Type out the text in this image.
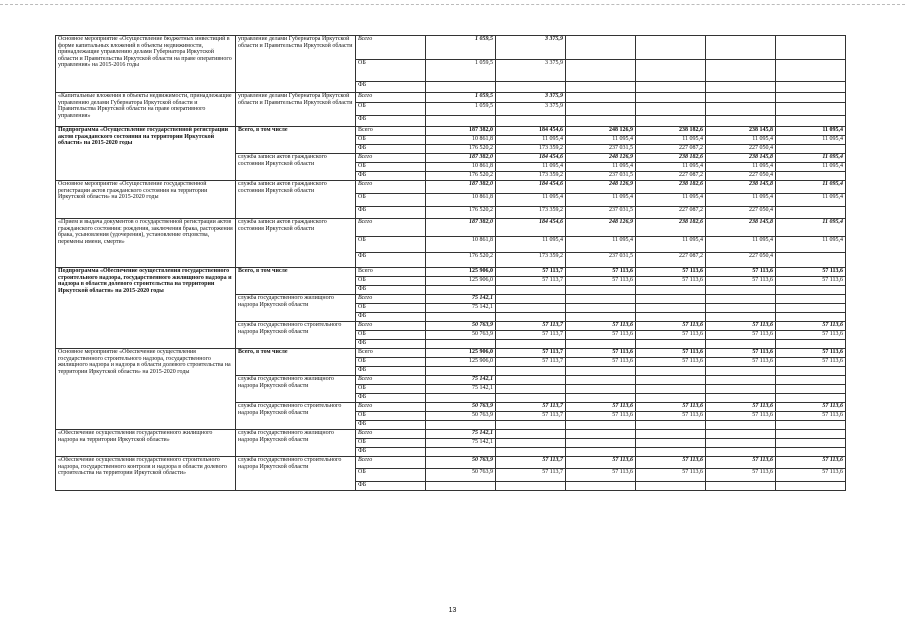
Основное мероприятие «Осуществление бюджетных инвестиций в форме капитальных вложений в объекты недвижимости, принадлежащие управлению делами Губернатора Иркутской области и Правительства Иркутской области на праве оперативного управления» на 2015-2016 годы	управление делами Губернатора Иркутской области и Правительства Иркутской области	Всего	1 059,5	3 375,9				
		ОБ	1 059,5	3 375,9				
		ФБ						
«Капитальные вложения в объекты недвижимости, принадлежащие управлению делами Губернатора Иркутской области и Правительства Иркутской области на праве оперативного управления»	управление делами Губернатора Иркутской области и Правительства Иркутской области	Всего	1 059,5	3 375,9				
		ОБ	1 059,5	3 375,9				
		ФБ						
Подпрограмма «Осуществление государственной регистрации актов гражданского состояния на территории Иркутской области» на 2015-2020 годы	Всего, в том числе	Всего	187 382,0	184 454,6	248 126,9	238 182,6	238 145,8	11 095,4
		ОБ	10 861,8	11 095,4	11 095,4	11 095,4	11 095,4	11 095,4
		ФБ	176 520,2	173 359,2	237 031,5	227 087,2	227 050,4	
	служба записи актов гражданского состояния Иркутской области	Всего	187 382,0	184 454,6	248 126,9	238 182,6	238 145,8	11 095,4
		ОБ	10 861,8	11 095,4	11 095,4	11 095,4	11 095,4	11 095,4
		ФБ	176 520,2	173 359,2	237 031,5	227 087,2	227 050,4	
Основное мероприятие «Осуществление государственной регистрации актов гражданского состояния на территории Иркутской области» на 2015-2020 годы	служба записи актов гражданского состояния Иркутской области	Всего	187 382,0	184 454,6	248 126,9	238 182,6	238 145,8	11 095,4
		ОБ	10 861,8	11 095,4	11 095,4	11 095,4	11 095,4	11 095,4
		ФБ	176 520,2	173 359,2	237 031,5	227 087,2	227 050,4	
«Прием и выдача документов о государственной регистрации актов гражданского состояния: рождения, заключения брака, расторжения брака, усыновления (удочерения), установление отцовства, перемены имени, смерти»	служба записи актов гражданского состояния Иркутской области	Всего	187 382,0	184 454,6	248 126,9	238 182,6	238 145,8	11 095,4
		ОБ	10 861,8	11 095,4	11 095,4	11 095,4	11 095,4	11 095,4
		ФБ	176 520,2	173 359,2	237 031,5	227 087,2	227 050,4	
Подпрограмма «Обеспечение осуществления государственного строительного надзора, государственного жилищного надзора и надзора в области долевого строительства на территории Иркутской области» на 2015-2020 годы	Всего, в том числе	Всего	125 906,0	57 113,7	57 113,6	57 113,6	57 113,6	57 113,6
		ОБ	125 906,0	57 113,7	57 113,6	57 113,6	57 113,6	57 113,6
		ФБ						
	служба государственного жилищного надзора Иркутской области	Всего	75 142,1					
		ОБ	75 142,1					
		ФБ						
	служба государственного строительного надзора Иркутской области	Всего	50 763,9	57 113,7	57 113,6	57 113,6	57 113,6	57 113,6
		ОБ	50 763,9	57 113,7	57 113,6	57 113,6	57 113,6	57 113,6
		ФБ						
Основное мероприятие «Обеспечение осуществления государственного строительного надзора, государственного жилищного надзора и надзора в области долевого строительства на территории Иркутской области» на 2015-2020 годы	Всего, в том числе	Всего	125 906,0	57 113,7	57 113,6	57 113,6	57 113,6	57 113,6
		ОБ	125 906,0	57 113,7	57 113,6	57 113,6	57 113,6	57 113,6
		ФБ						
	служба государственного жилищного надзора Иркутской области	Всего	75 142,1					
		ОБ	75 142,1					
		ФБ						
	служба государственного строительного надзора Иркутской области	Всего	50 763,9	57 113,7	57 113,6	57 113,6	57 113,6	57 113,6
		ОБ	50 763,9	57 113,7	57 113,6	57 113,6	57 113,6	57 113,6
		ФБ						
«Обеспечение осуществления государственного жилищного надзора на территории Иркутской области»	служба государственного жилищного надзора Иркутской области	Всего	75 142,1					
		ОБ	75 142,1					
		ФБ						
«Обеспечение осуществления государственного строительного надзора, государственного контроля и надзора в области долевого строительства на территории Иркутской области»	служба государственного строительного надзора Иркутской области	Всего	50 763,9	57 113,7	57 113,6	57 113,6	57 113,6	57 113,6
		ОБ	50 763,9	57 113,7	57 113,6	57 113,6	57 113,6	57 113,6
		ФБ						
13
